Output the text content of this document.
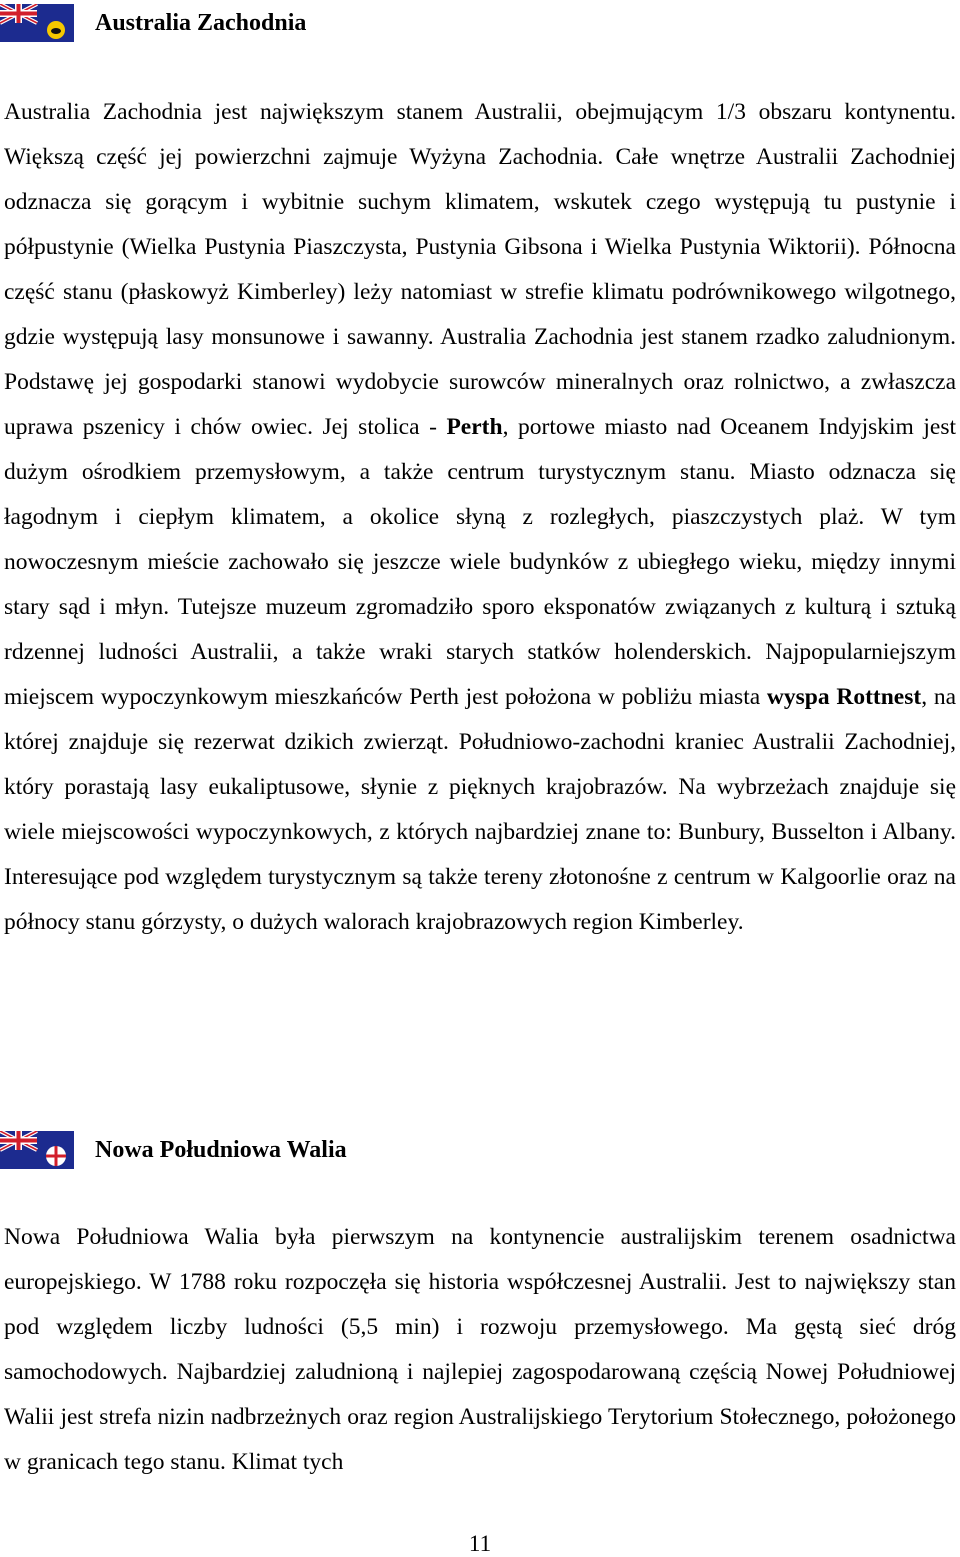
Australia Zachodnia

Australia Zachodnia jest największym stanem Australii, obejmującym 1/3 obszaru kontynentu. Większą część jej powierzchni zajmuje Wyżyna Zachodnia. Całe wnętrze Australii Zachodniej odznacza się gorącym i wybitnie suchym klimatem, wskutek czego występują tu pustynie i półpustynie (Wielka Pustynia Piaszczysta, Pustynia Gibsona i Wielka Pustynia Wiktorii). Północna część stanu (płaskowyż Kimberley) leży natomiast w strefie klimatu podrównikowego wilgotnego, gdzie występują lasy monsunowe i sawanny. Australia Zachodnia jest stanem rzadko zaludnionym. Podstawę jej gospodarki stanowi wydobycie surowców mineralnych oraz rolnictwo, a zwłaszcza uprawa pszenicy i chów owiec. Jej stolica - Perth, portowe miasto nad Oceanem Indyjskim jest dużym ośrodkiem przemysłowym, a także centrum turystycznym stanu. Miasto odznacza się łagodnym i ciepłym klimatem, a okolice słyną z rozległych, piaszczystych plaż. W tym nowoczesnym mieście zachowało się jeszcze wiele budynków z ubiegłego wieku, między innymi stary sąd i młyn. Tutejsze muzeum zgromadziło sporo eksponatów związanych z kulturą i sztuką rdzennej ludności Australii, a także wraki starych statków holenderskich. Najpopularniejszym miejscem wypoczynkowym mieszkańców Perth jest położona w pobliżu miasta wyspa Rottnest, na której znajduje się rezerwat dzikich zwierząt. Południowo-zachodni kraniec Australii Zachodniej, który porastają lasy eukaliptusowe, słynie z pięknych krajobrazów. Na wybrzeżach znajduje się wiele miejscowości wypoczynkowych, z których najbardziej znane to: Bunbury, Busselton i Albany. Interesujące pod względem turystycznym są także tereny złotonośne z centrum w Kalgoorlie oraz na północy stanu górzysty, o dużych walorach krajobrazowych region Kimberley.

Nowa Południowa Walia

Nowa Południowa Walia była pierwszym na kontynencie australijskim terenem osadnictwa europejskiego. W 1788 roku rozpoczęła się historia współczesnej Australii. Jest to największy stan pod względem liczby ludności (5,5 min) i rozwoju przemysłowego. Ma gęstą sieć dróg samochodowych. Najbardziej zaludnioną i najlepiej zagospodarowaną częścią Nowej Południowej Walii jest strefa nizin nadbrzeżnych oraz region Australijskiego Terytorium Stołecznego, położonego w granicach tego stanu. Klimat tych

11
